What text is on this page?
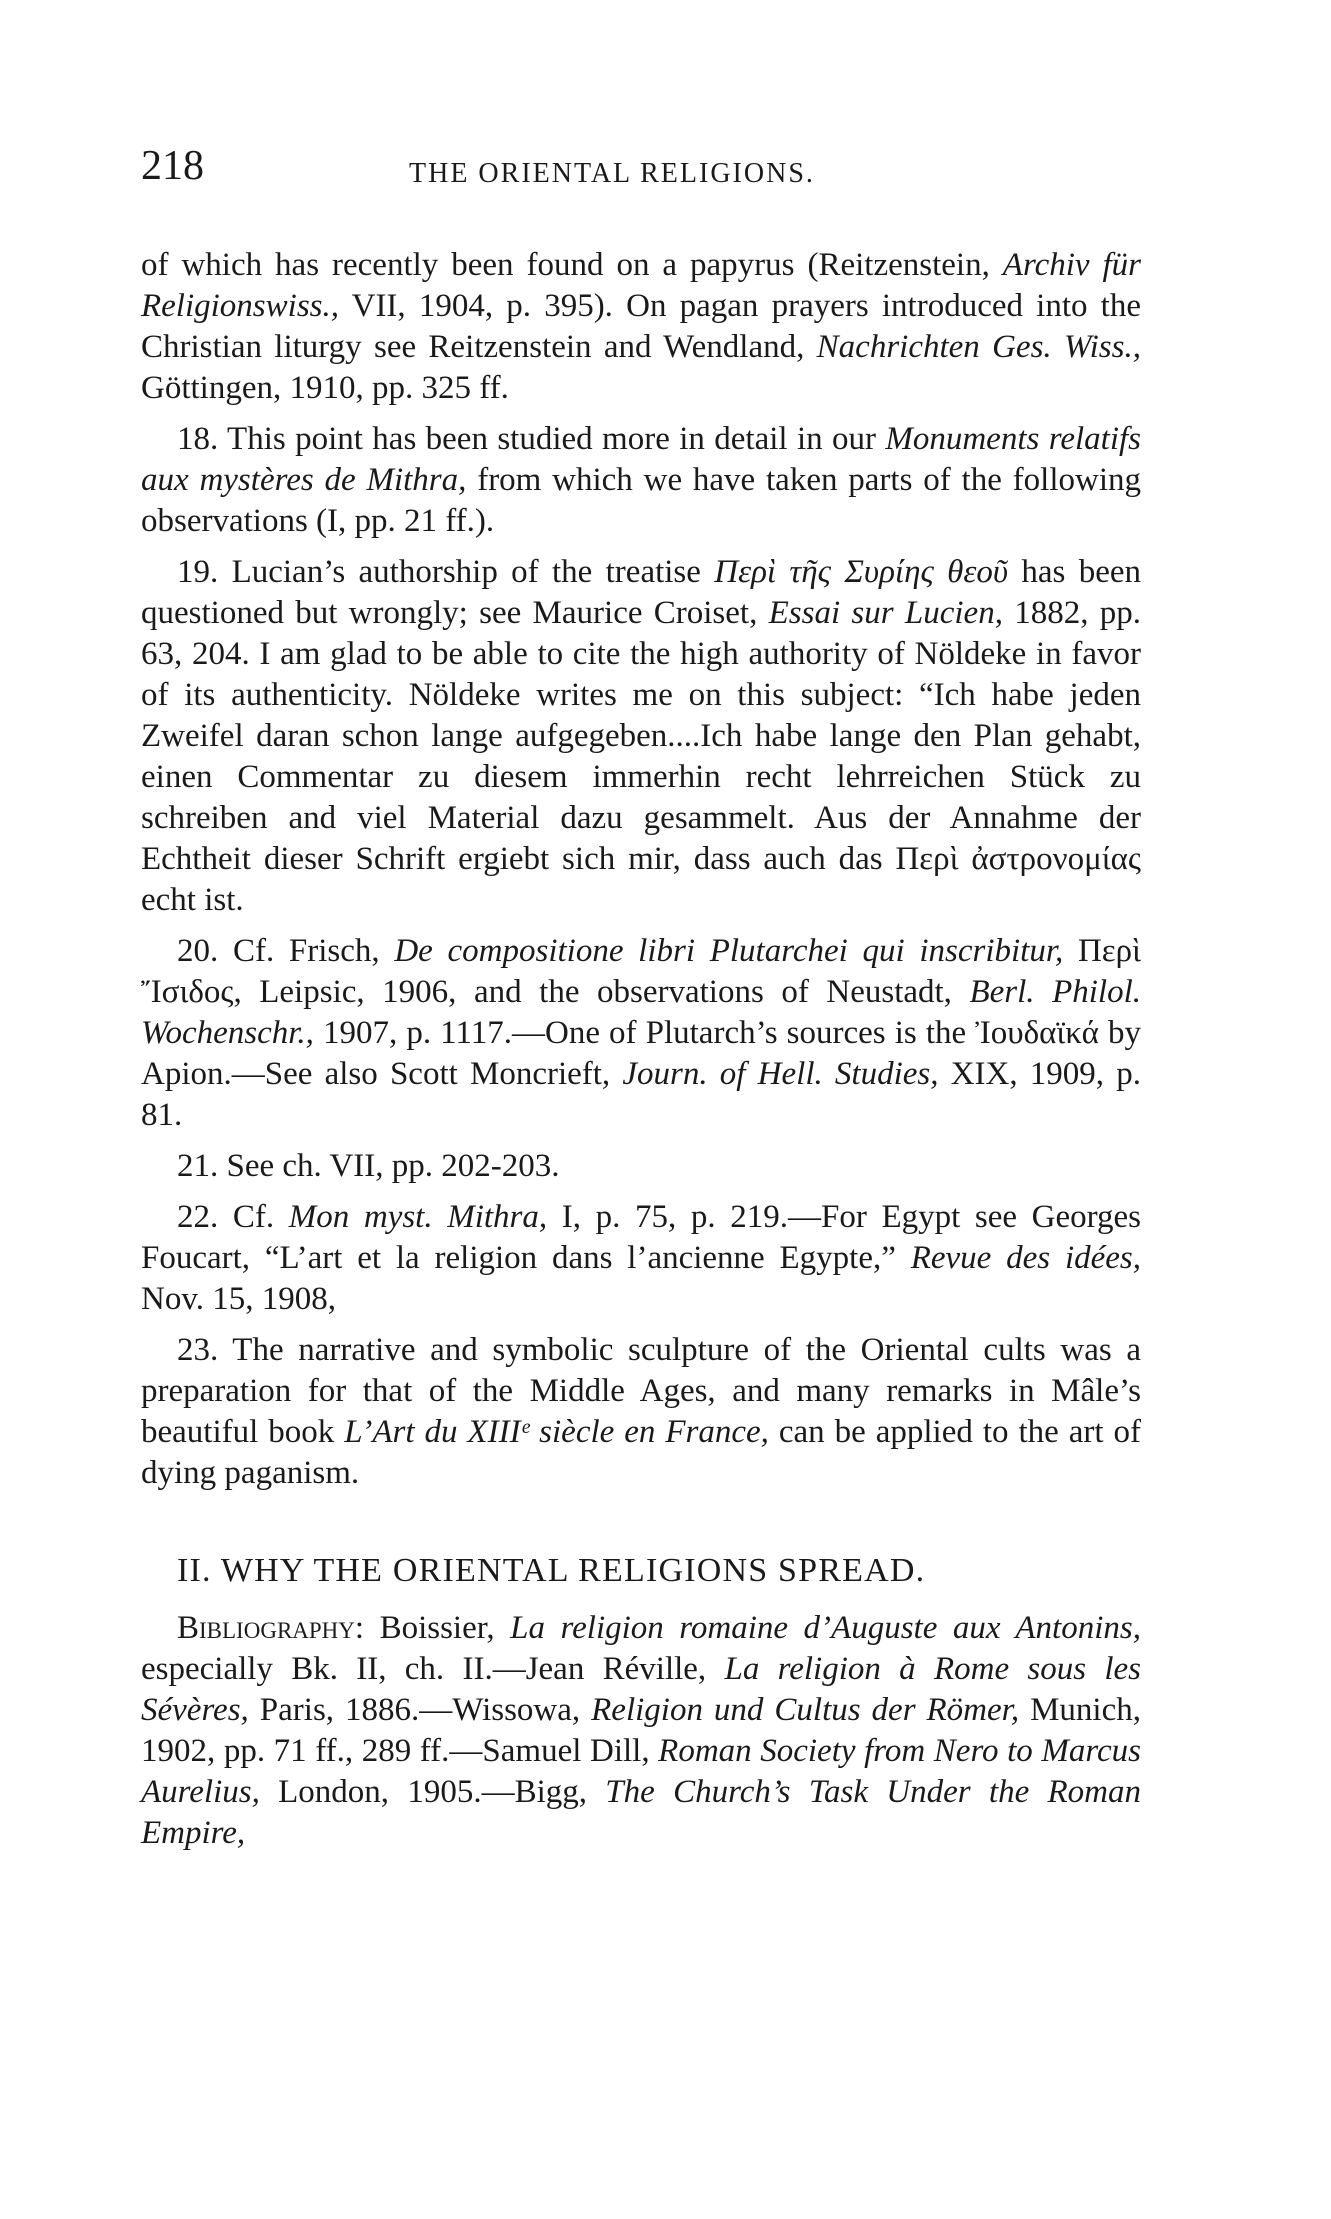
218	THE ORIENTAL RELIGIONS.

of which has recently been found on a papyrus (Reitzenstein, Archiv für Religionswiss., VII, 1904, p. 395). On pagan prayers introduced into the Christian liturgy see Reitzenstein and Wendland, Nachrichten Ges. Wiss., Göttingen, 1910, pp. 325 ff.

18. This point has been studied more in detail in our Monuments relatifs aux mystères de Mithra, from which we have taken parts of the following observations (I, pp. 21 ff.).

19. Lucian’s authorship of the treatise Περὶ τῆς Συρίης θεοῦ has been questioned but wrongly; see Maurice Croiset, Essai sur Lucien, 1882, pp. 63, 204. I am glad to be able to cite the high authority of Nöldeke in favor of its authenticity. Nöldeke writes me on this subject: “Ich habe jeden Zweifel daran schon lange aufgegeben....Ich habe lange den Plan gehabt, einen Commentar zu diesem immerhin recht lehrreichen Stück zu schreiben and viel Material dazu gesammelt. Aus der Annahme der Echtheit dieser Schrift ergiebt sich mir, dass auch das Περὶ ἀστρονομίας echt ist.

20. Cf. Frisch, De compositione libri Plutarchei qui inscribitur, Περὶ Ἴσιδος, Leipsic, 1906, and the observations of Neustadt, Berl. Philol. Wochenschr., 1907, p. 1117.—One of Plutarch’s sources is the Ἰουδαϊκά by Apion.—See also Scott Moncrieft, Journ. of Hell. Studies, XIX, 1909, p. 81.

21. See ch. VII, pp. 202-203.

22. Cf. Mon myst. Mithra, I, p. 75, p. 219.—For Egypt see Georges Foucart, “L’art et la religion dans l’ancienne Egypte,” Revue des idées, Nov. 15, 1908,

23. The narrative and symbolic sculpture of the Oriental cults was a preparation for that of the Middle Ages, and many remarks in Mâle’s beautiful book L’Art du XIIIᵉ siècle en France, can be applied to the art of dying paganism.

II. WHY THE ORIENTAL RELIGIONS SPREAD.

Bibliography: Boissier, La religion romaine d’Auguste aux Antonins, especially Bk. II, ch. II.—Jean Réville, La religion à Rome sous les Sévères, Paris, 1886.—Wissowa, Religion und Cultus der Römer, Munich, 1902, pp. 71 ff., 289 ff.—Samuel Dill, Roman Society from Nero to Marcus Aurelius, London, 1905.—Bigg, The Church’s Task Under the Roman Empire,
